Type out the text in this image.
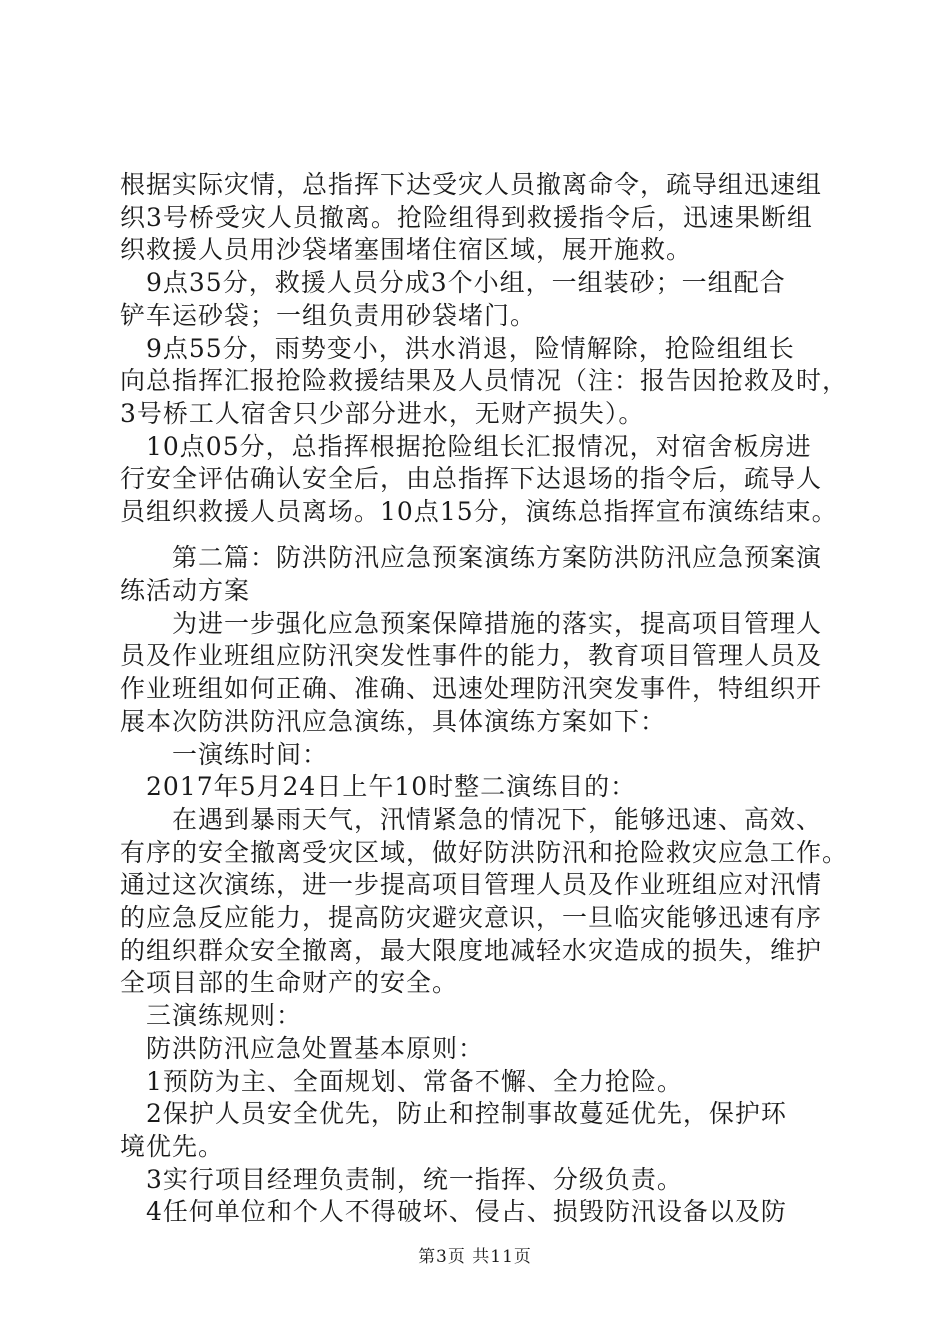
根据实际灾情，总指挥下达受灾人员撤离命令，疏导组迅速组
织3号桥受灾人员撤离。抢险组得到救援指令后，迅速果断组
织救援人员用沙袋堵塞围堵住宿区域，展开施救。
　9点35分，救援人员分成3个小组，一组装砂；一组配合
铲车运砂袋；一组负责用砂袋堵门。
　9点55分，雨势变小，洪水消退，险情解除，抢险组组长
向总指挥汇报抢险救援结果及人员情况（注：报告因抢救及时，
3号桥工人宿舍只少部分进水，无财产损失）。
　10点05分，总指挥根据抢险组长汇报情况，对宿舍板房进
行安全评估确认安全后，由总指挥下达退场的指令后，疏导人
员组织救援人员离场。10点15分，演练总指挥宣布演练结束。
　　第二篇：防洪防汛应急预案演练方案防洪防汛应急预案演
练活动方案
　　为进一步强化应急预案保障措施的落实，提高项目管理人
员及作业班组应防汛突发性事件的能力，教育项目管理人员及
作业班组如何正确、准确、迅速处理防汛突发事件，特组织开
展本次防洪防汛应急演练，具体演练方案如下：
　　一演练时间：
　2017年5月24日上午10时整二演练目的：
　　在遇到暴雨天气，汛情紧急的情况下，能够迅速、高效、
有序的安全撤离受灾区域，做好防洪防汛和抢险救灾应急工作。
通过这次演练，进一步提高项目管理人员及作业班组应对汛情
的应急反应能力，提高防灾避灾意识，一旦临灾能够迅速有序
的组织群众安全撤离，最大限度地减轻水灾造成的损失，维护
全项目部的生命财产的安全。
　三演练规则：
　防洪防汛应急处置基本原则：
　1预防为主、全面规划、常备不懈、全力抢险。
　2保护人员安全优先，防止和控制事故蔓延优先，保护环
境优先。
　3实行项目经理负责制，统一指挥、分级负责。
　4任何单位和个人不得破坏、侵占、损毁防汛设备以及防
第3页 共11页
